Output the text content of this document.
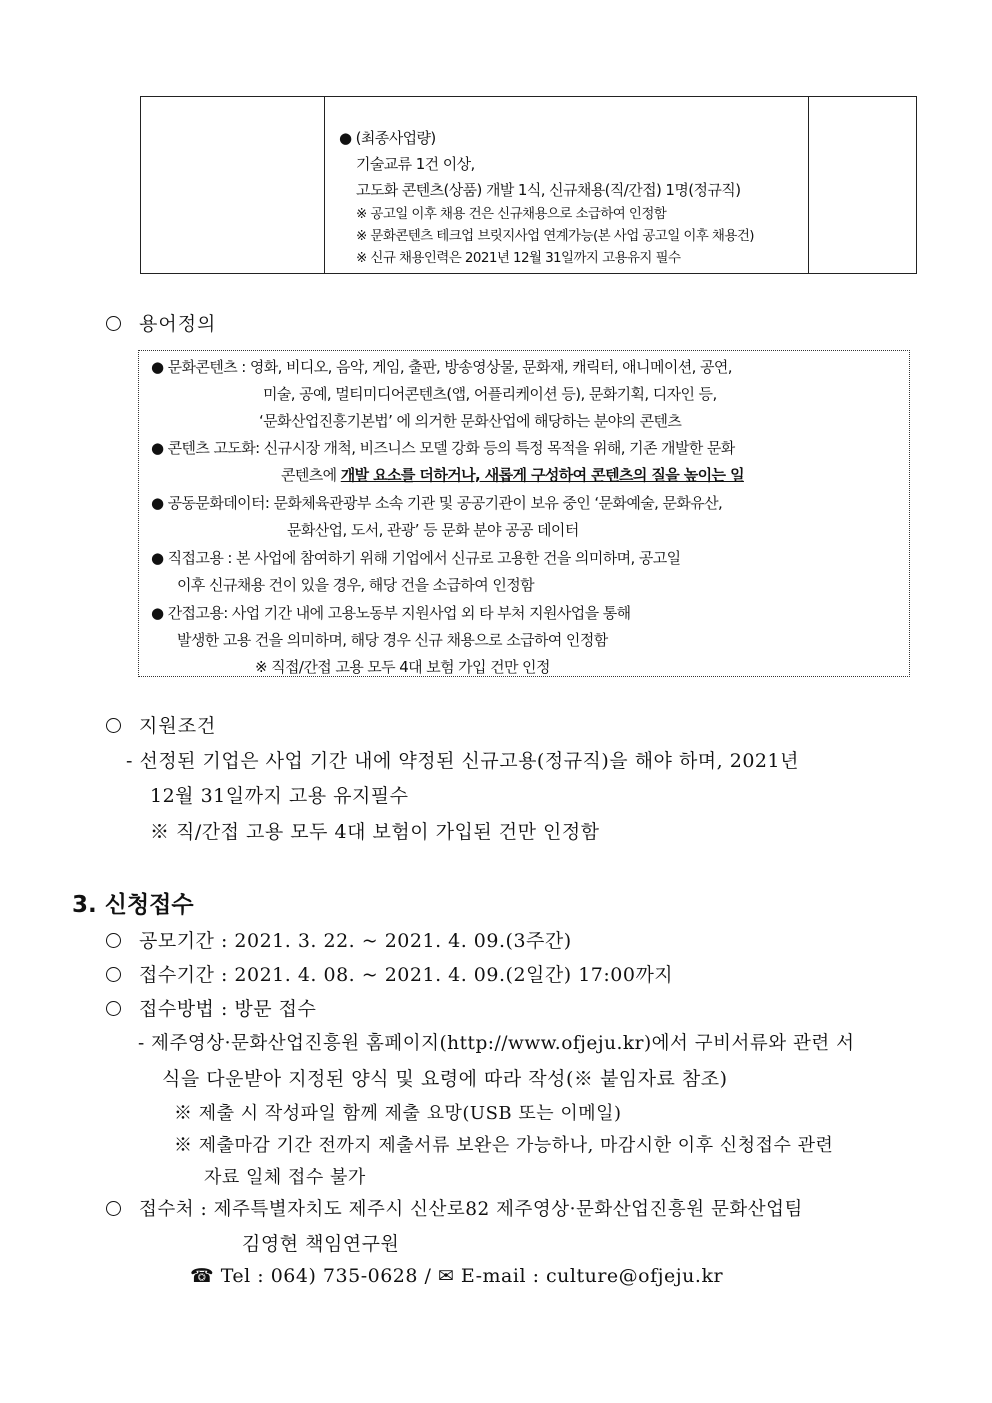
● (최종사업량)
기술교류 1건 이상,
고도화 콘텐츠(상품) 개발 1식, 신규채용(직/간접) 1명(정규직)
※ 공고일 이후 채용 건은 신규채용으로 소급하여 인정함
※ 문화콘텐츠 테크업 브릿지사업 연계가능(본 사업 공고일 이후 채용건)
※ 신규 채용인력은 2021년 12월 31일까지 고용유지 필수
용어정의
● 문화콘텐츠 : 영화, 비디오, 음악, 게임, 출판, 방송영상물, 문화재, 캐릭터, 애니메이션, 공연,
미술, 공예, 멀티미디어콘텐츠(앱, 어플리케이션 등), 문화기획, 디자인 등,
‘문화산업진흥기본법’ 에 의거한 문화산업에 해당하는 분야의 콘텐츠
● 콘텐츠 고도화: 신규시장 개척, 비즈니스 모델 강화 등의 특정 목적을 위해, 기존 개발한 문화
콘텐츠에 개발 요소를 더하거나, 새롭게 구성하여 콘텐츠의 질을 높이는 일
● 공동문화데이터: 문화체육관광부 소속 기관 및 공공기관이 보유 중인 ‘문화예술, 문화유산,
문화산업, 도서, 관광’ 등 문화 분야 공공 데이터
● 직접고용 : 본 사업에 참여하기 위해 기업에서 신규로 고용한 건을 의미하며, 공고일
이후 신규채용 건이 있을 경우, 해당 건을 소급하여 인정함
● 간접고용: 사업 기간 내에 고용노동부 지원사업 외 타 부처 지원사업을 통해
발생한 고용 건을 의미하며, 해당 경우 신규 채용으로 소급하여 인정함
※ 직접/간접 고용 모두 4대 보험 가입 건만 인정
지원조건
- 선정된 기업은 사업 기간 내에 약정된 신규고용(정규직)을 해야 하며, 2021년
12월 31일까지 고용 유지필수
※ 직/간접 고용 모두 4대 보험이 가입된 건만 인정함
3. 신청접수
공모기간 : 2021. 3. 22. ~ 2021. 4. 09.(3주간)
접수기간 : 2021. 4. 08. ~ 2021. 4. 09.(2일간) 17:00까지
접수방법 : 방문 접수
- 제주영상·문화산업진흥원 홈페이지(http://www.ofjeju.kr)에서 구비서류와 관련 서
식을 다운받아 지정된 양식 및 요령에 따라 작성(※ 붙임자료 참조)
※ 제출 시 작성파일 함께 제출 요망(USB 또는 이메일)
※ 제출마감 기간 전까지 제출서류 보완은 가능하나, 마감시한 이후 신청접수 관련
자료 일체 접수 불가
접수처 : 제주특별자치도 제주시 신산로82 제주영상·문화산업진흥원 문화산업팀
김영현 책임연구원
☎ Tel : 064) 735-0628 / ✉ E-mail : culture@ofjeju.kr
